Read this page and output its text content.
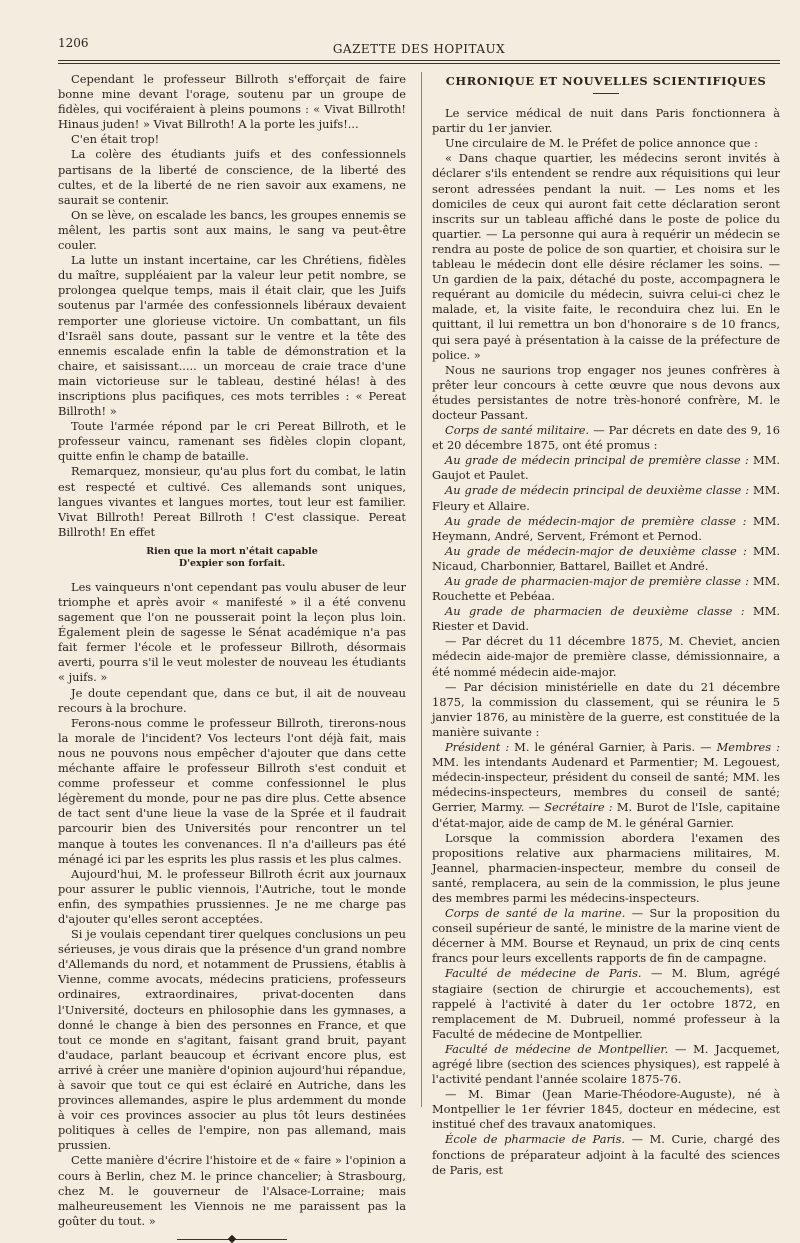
1206	GAZETTE DES HOPITAUX

Cependant le professeur Billroth s'efforçait de faire bonne mine devant l'orage, soutenu par un groupe de fidèles, qui vociféraient à pleins poumons : « Vivat Billroth! Hinaus juden! » Vivat Billroth! A la porte les juifs!...

C'en était trop!

La colère des étudiants juifs et des confessionnels partisans de la liberté de conscience, de la liberté des cultes, et de la liberté de ne rien savoir aux examens, ne saurait se contenir.

On se lève, on escalade les bancs, les groupes ennemis se mêlent, les partis sont aux mains, le sang va peut-être couler.

La lutte un instant incertaine, car les Chrétiens, fidèles du maître, suppléaient par la valeur leur petit nombre, se prolongea quelque temps, mais il était clair, que les Juifs soutenus par l'armée des confessionnels libéraux devaient remporter une glorieuse victoire. Un combattant, un fils d'Israël sans doute, passant sur le ventre et la tête des ennemis escalade enfin la table de démonstration et la chaire, et saisissant..... un morceau de craie trace d'une main victorieuse sur le tableau, destiné hélas! à des inscriptions plus pacifiques, ces mots terribles : « Pereat Billroth! »

Toute l'armée répond par le cri Pereat Billroth, et le professeur vaincu, ramenant ses fidèles clopin clopant, quitte enfin le champ de bataille.

Remarquez, monsieur, qu'au plus fort du combat, le latin est respecté et cultivé. Ces allemands sont uniques, langues vivantes et langues mortes, tout leur est familier. Vivat Billroth! Pereat Billroth ! C'est classique. Pereat Billroth! En effet

Rien que la mort n'était capable
D'expier son forfait.

Les vainqueurs n'ont cependant pas voulu abuser de leur triomphe et après avoir « manifesté » il a été convenu sagement que l'on ne pousserait point la leçon plus loin. Également plein de sagesse le Sénat académique n'a pas fait fermer l'école et le professeur Billroth, désormais averti, pourra s'il le veut molester de nouveau les étudiants « juifs. »

Je doute cependant que, dans ce but, il ait de nouveau recours à la brochure.

Ferons-nous comme le professeur Billroth, tirerons-nous la morale de l'incident? Vos lecteurs l'ont déjà fait, mais nous ne pouvons nous empêcher d'ajouter que dans cette méchante affaire le professeur Billroth s'est conduit et comme professeur et comme confessionnel le plus légèrement du monde, pour ne pas dire plus. Cette absence de tact sent d'une lieue la vase de la Sprée et il faudrait parcourir bien des Universités pour rencontrer un tel manque à toutes les convenances. Il n'a d'ailleurs pas été ménagé ici par les esprits les plus rassis et les plus calmes.

Aujourd'hui, M. le professeur Billroth écrit aux journaux pour assurer le public viennois, l'Autriche, tout le monde enfin, des sympathies prussiennes. Je ne me charge pas d'ajouter qu'elles seront acceptées.

Si je voulais cependant tirer quelques conclusions un peu sérieuses, je vous dirais que la présence d'un grand nombre d'Allemands du nord, et notamment de Prussiens, établis à Vienne, comme avocats, médecins praticiens, professeurs ordinaires, extraordinaires, privat-docenten dans l'Université, docteurs en philosophie dans les gymnases, a donné le change à bien des personnes en France, et que tout ce monde en s'agitant, faisant grand bruit, payant d'audace, parlant beaucoup et écrivant encore plus, est arrivé à créer une manière d'opinion aujourd'hui répandue, à savoir que tout ce qui est éclairé en Autriche, dans les provinces allemandes, aspire le plus ardemment du monde à voir ces provinces associer au plus tôt leurs destinées politiques à celles de l'empire, non pas allemand, mais prussien.

Cette manière d'écrire l'histoire et de « faire » l'opinion a cours à Berlin, chez M. le prince chancelier; à Strasbourg, chez M. le gouverneur de l'Alsace-Lorraine; mais malheureusement les Viennois ne me paraissent pas la goûter du tout. »

CHRONIQUE ET NOUVELLES SCIENTIFIQUES

Le service médical de nuit dans Paris fonctionnera à partir du 1er janvier.

Une circulaire de M. le Préfet de police annonce que :

« Dans chaque quartier, les médecins seront invités à déclarer s'ils entendent se rendre aux réquisitions qui leur seront adressées pendant la nuit. — Les noms et les domiciles de ceux qui auront fait cette déclaration seront inscrits sur un tableau affiché dans le poste de police du quartier. — La personne qui aura à requérir un médecin se rendra au poste de police de son quartier, et choisira sur le tableau le médecin dont elle désire réclamer les soins. — Un gardien de la paix, détaché du poste, accompagnera le requérant au domicile du médecin, suivra celui-ci chez le malade, et, la visite faite, le reconduira chez lui. En le quittant, il lui remettra un bon d'honoraire s de 10 francs, qui sera payé à présentation à la caisse de la préfecture de police. »

Nous ne saurions trop engager nos jeunes confrères à prêter leur concours à cette œuvre que nous devons aux études persistantes de notre très-honoré confrère, M. le docteur Passant.

Corps de santé militaire. — Par décrets en date des 9, 16 et 20 décembre 1875, ont été promus :

Au grade de médecin principal de première classe : MM. Gaujot et Paulet.

Au grade de médecin principal de deuxième classe : MM. Fleury et Allaire.

Au grade de médecin-major de première classe : MM. Heymann, André, Servent, Frémont et Pernod.

Au grade de médecin-major de deuxième classe : MM. Nicaud, Charbonnier, Battarel, Baillet et André.

Au grade de pharmacien-major de première classe : MM. Rouchette et Pebéaa.

Au grade de pharmacien de deuxième classe : MM. Riester et David.

— Par décret du 11 décembre 1875, M. Cheviet, ancien médecin aide-major de première classe, démissionnaire, a été nommé médecin aide-major.

— Par décision ministérielle en date du 21 décembre 1875, la commission du classement, qui se réunira le 5 janvier 1876, au ministère de la guerre, est constituée de la manière suivante :

Président : M. le général Garnier, à Paris. — Membres : MM. les intendants Audenard et Parmentier; M. Legouest, médecin-inspecteur, président du conseil de santé; MM. les médecins-inspecteurs, membres du conseil de santé; Gerrier, Marmy. — Secrétaire : M. Burot de l'Isle, capitaine d'état-major, aide de camp de M. le général Garnier.

Lorsque la commission abordera l'examen des propositions relative aux pharmaciens militaires, M. Jeannel, pharmacien-inspecteur, membre du conseil de santé, remplacera, au sein de la commission, le plus jeune des membres parmi les médecins-inspecteurs.

Corps de santé de la marine. — Sur la proposition du conseil supérieur de santé, le ministre de la marine vient de décerner à MM. Bourse et Reynaud, un prix de cinq cents francs pour leurs excellents rapports de fin de campagne.

Faculté de médecine de Paris. — M. Blum, agrégé stagiaire (section de chirurgie et accouchements), est rappelé à l'activité à dater du 1er octobre 1872, en remplacement de M. Dubrueil, nommé professeur à la Faculté de médecine de Montpellier.

Faculté de médecine de Montpellier. — M. Jacquemet, agrégé libre (section des sciences physiques), est rappelé à l'activité pendant l'année scolaire 1875-76.

— M. Bimar (Jean Marie-Théodore-Auguste), né à Montpellier le 1er février 1845, docteur en médecine, est institué chef des travaux anatomiques.

École de pharmacie de Paris. — M. Curie, chargé des fonctions de préparateur adjoint à la faculté des sciences de Paris, est
